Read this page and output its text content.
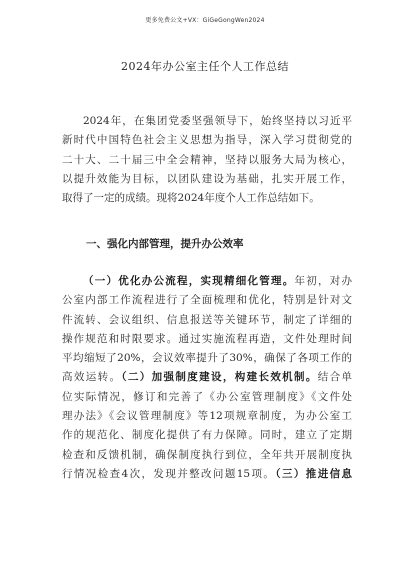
更多免费公文+VX：GiGeGongWen2024
2024年办公室主任个人工作总结
2024年，在集团党委坚强领导下，始终坚持以习近平
新时代中国特色社会主义思想为指导，深入学习贯彻党的
二十大、二十届三中全会精神，坚持以服务大局为核心，
以提升效能为目标，以团队建设为基础，扎实开展工作，
取得了一定的成绩。现将2024年度个人工作总结如下。
一、强化内部管理，提升办公效率
（一）优化办公流程，实现精细化管理。年初，对办
公室内部工作流程进行了全面梳理和优化，特别是针对文
件流转、会议组织、信息报送等关键环节，制定了详细的
操作规范和时限要求。通过实施流程再造，文件处理时间
平均缩短了20%，会议效率提升了30%，确保了各项工作的
高效运转。（二）加强制度建设，构建长效机制。结合单
位实际情况，修订和完善了《办公室管理制度》《文件处
理办法》《会议管理制度》等12项规章制度，为办公室工
作的规范化、制度化提供了有力保障。同时，建立了定期
检查和反馈机制，确保制度执行到位，全年共开展制度执
行情况检查4次，发现并整改问题15项。（三）推进信息
